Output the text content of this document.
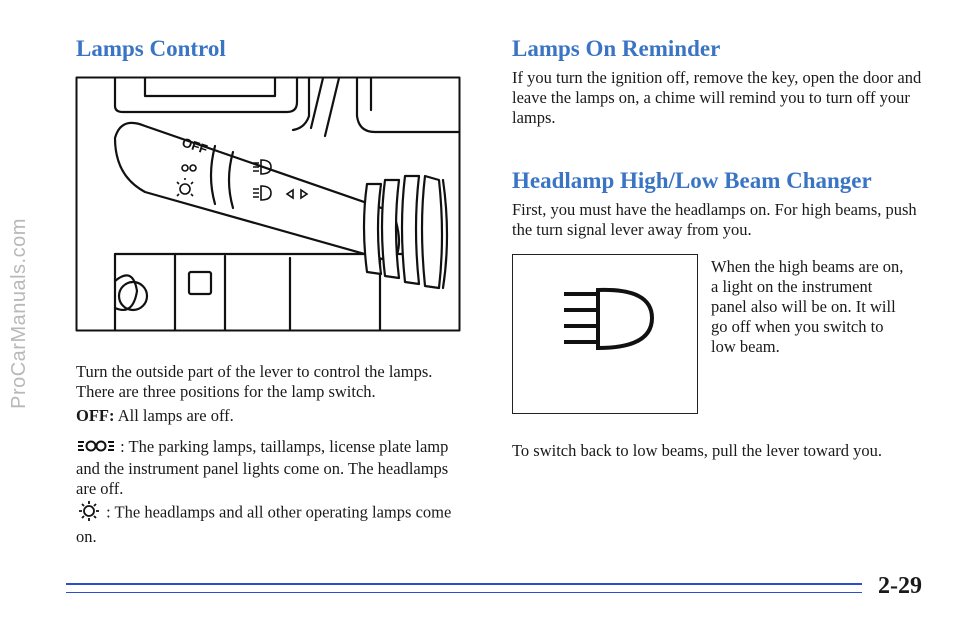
ProCarManuals.com
Lamps Control
OFF

Turn the outside part of the lever to control the lamps. There are three positions for the lamp switch.

OFF: All lamps are off.

: The parking lamps, taillamps, license plate lamp and the instrument panel lights come on. The headlamps are off.

: The headlamps and all other operating lamps come on.

Lamps On Reminder

If you turn the ignition off, remove the key, open the door and leave the lamps on, a chime will remind you to turn off your lamps.

Headlamp High/Low Beam Changer

First, you must have the headlamps on. For high beams, push the turn signal lever away from you.

When the high beams are on, a light on the instrument panel also will be on. It will go off when you switch to low beam.

To switch back to low beams, pull the lever toward you.

2-29
